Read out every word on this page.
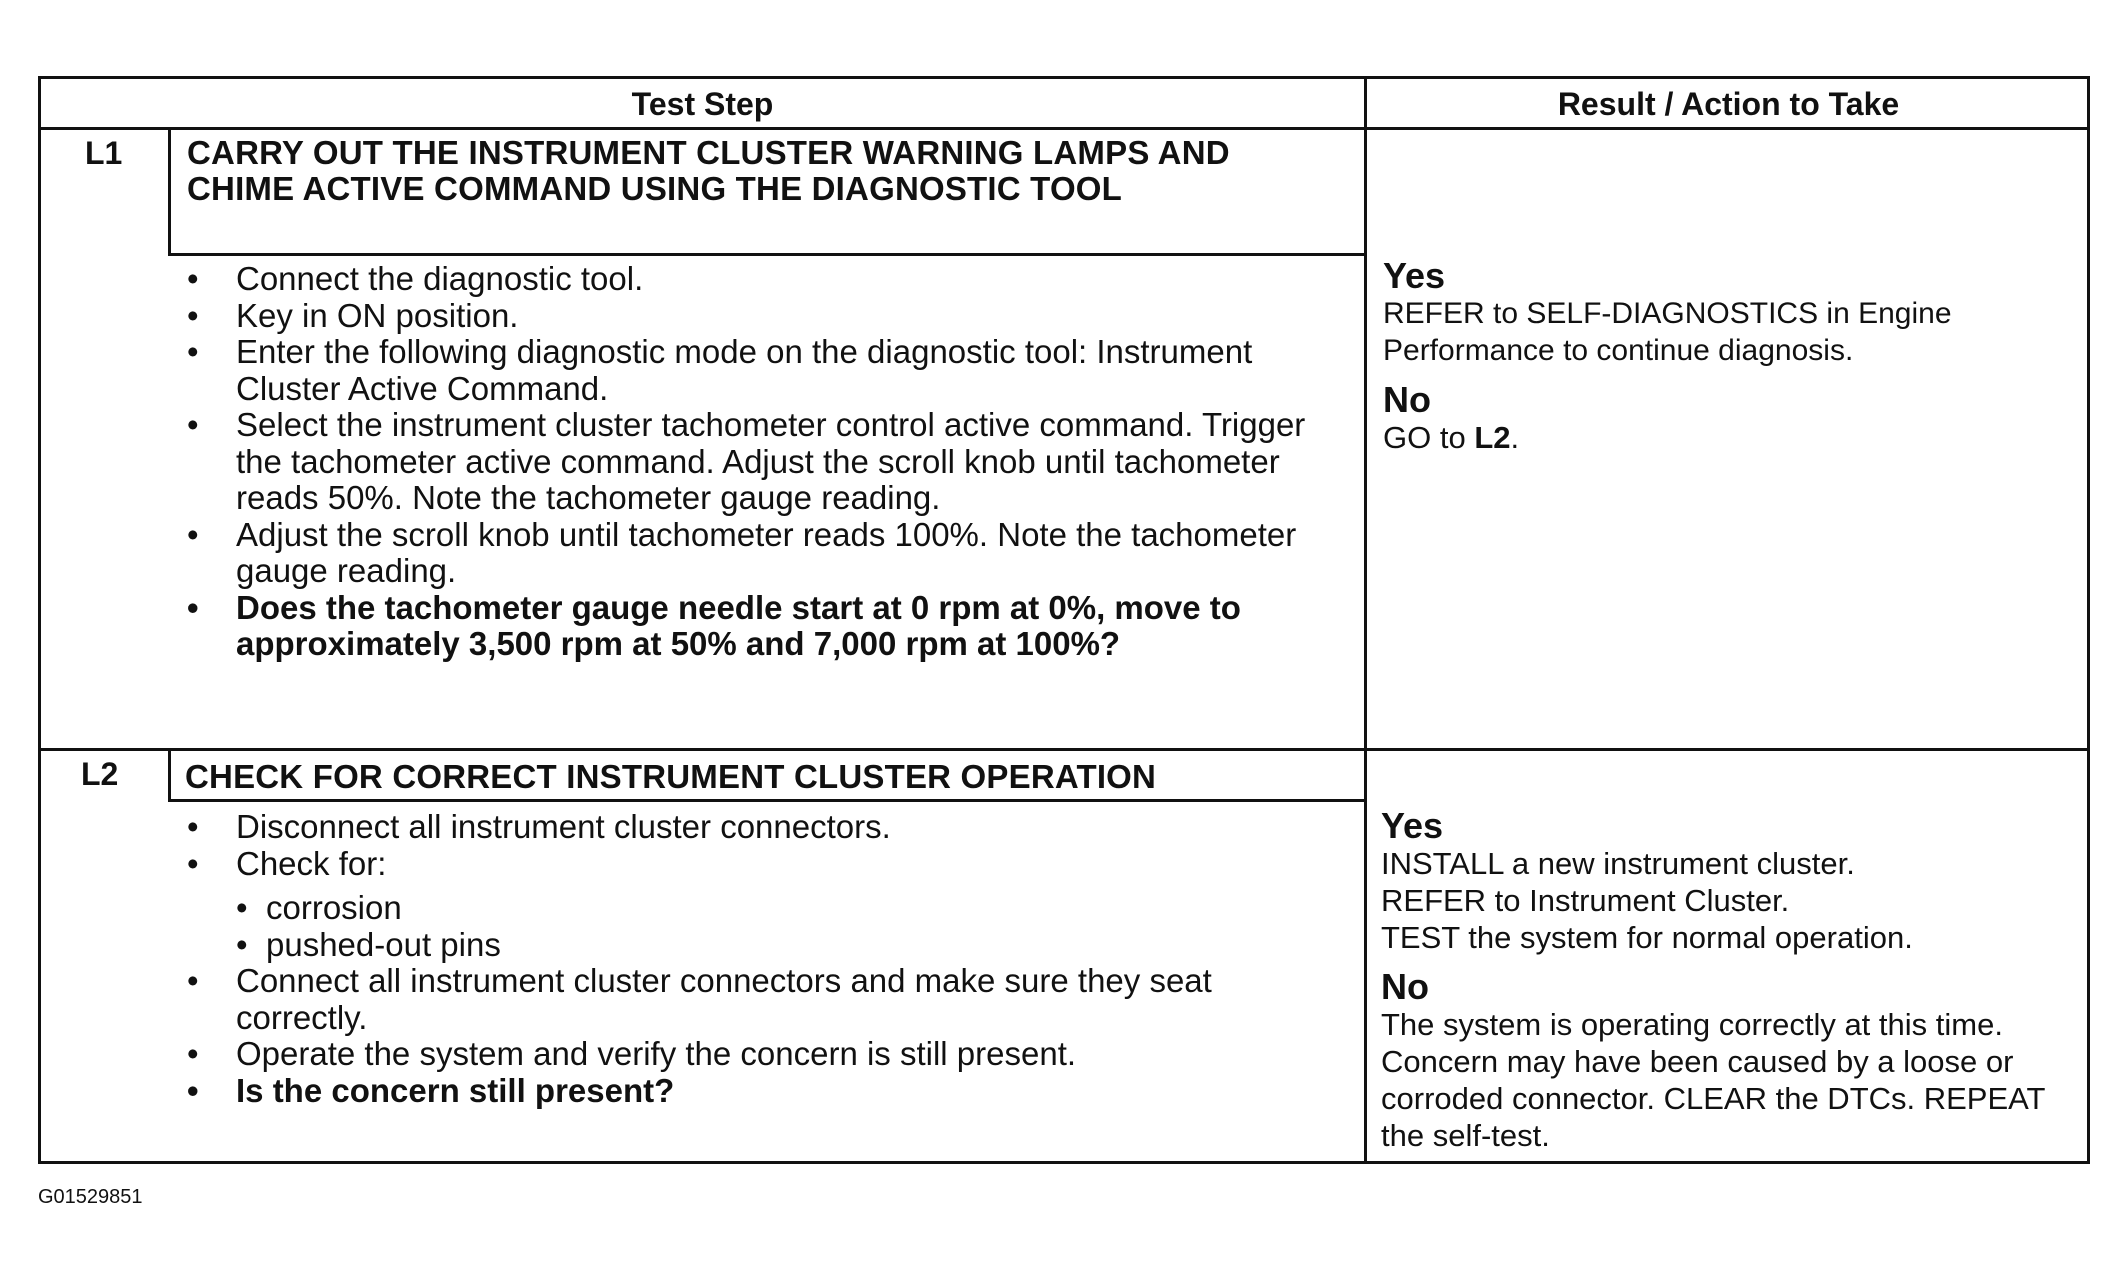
Test Step	Result / Action to Take
L1 CARRY OUT THE INSTRUMENT CLUSTER WARNING LAMPS AND CHIME ACTIVE COMMAND USING THE DIAGNOSTIC TOOL
• Connect the diagnostic tool.
• Key in ON position.
• Enter the following diagnostic mode on the diagnostic tool: Instrument Cluster Active Command.
• Select the instrument cluster tachometer control active command. Trigger the tachometer active command. Adjust the scroll knob until tachometer reads 50%. Note the tachometer gauge reading.
• Adjust the scroll knob until tachometer reads 100%. Note the tachometer gauge reading.
• Does the tachometer gauge needle start at 0 rpm at 0%, move to approximately 3,500 rpm at 50% and 7,000 rpm at 100%?
Yes
REFER to SELF-DIAGNOSTICS in Engine Performance to continue diagnosis.
No
GO to L2.
L2 CHECK FOR CORRECT INSTRUMENT CLUSTER OPERATION
• Disconnect all instrument cluster connectors.
• Check for:
• corrosion
• pushed-out pins
• Connect all instrument cluster connectors and make sure they seat correctly.
• Operate the system and verify the concern is still present.
• Is the concern still present?
Yes
INSTALL a new instrument cluster.
REFER to Instrument Cluster.
TEST the system for normal operation.
No
The system is operating correctly at this time. Concern may have been caused by a loose or corroded connector. CLEAR the DTCs. REPEAT the self-test.
G01529851
